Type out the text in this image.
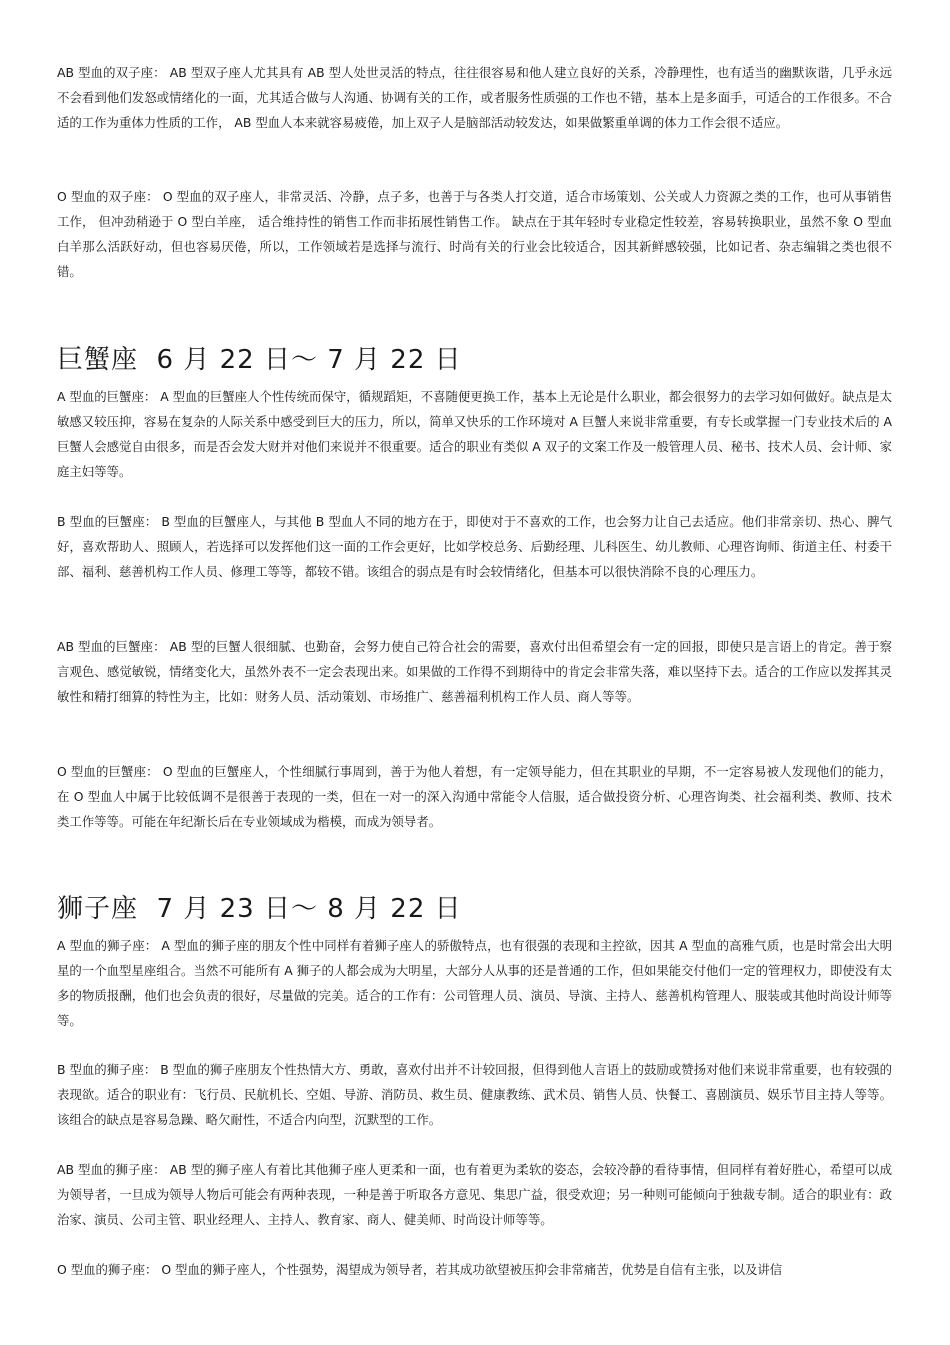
AB 型血的双子座： AB 型双子座人尤其具有 AB 型人处世灵活的特点，往往很容易和他人建立良好的关系，冷静理性，也有适当的幽默诙谐，几乎永远不会看到他们发怒或情绪化的一面，尤其适合做与人沟通、协调有关的工作，或者服务性质强的工作也不错，基本上是多面手，可适合的工作很多。不合适的工作为重体力性质的工作， AB 型血人本来就容易疲倦，加上双子人是脑部活动较发达，如果做繁重单调的体力工作会很不适应。

O 型血的双子座： O 型血的双子座人，非常灵活、冷静，点子多，也善于与各类人打交道，适合市场策划、公关或人力资源之类的工作，也可从事销售工作， 但冲劲稍逊于 O 型白羊座， 适合维持性的销售工作而非拓展性销售工作。 缺点在于其年轻时专业稳定性较差，容易转换职业，虽然不象 O 型血白羊那么活跃好动，但也容易厌倦，所以，工作领域若是选择与流行、时尚有关的行业会比较适合，因其新鲜感较强，比如记者、杂志编辑之类也很不错。

巨蟹座  6 月 22 日～ 7 月 22 日

A 型血的巨蟹座： A 型血的巨蟹座人个性传统而保守，循规蹈矩，不喜随便更换工作，基本上无论是什么职业，都会很努力的去学习如何做好。缺点是太敏感又较压抑，容易在复杂的人际关系中感受到巨大的压力，所以，简单又快乐的工作环境对 A 巨蟹人来说非常重要，有专长或掌握一门专业技术后的 A 巨蟹人会感觉自由很多，而是否会发大财并对他们来说并不很重要。适合的职业有类似 A 双子的文案工作及一般管理人员、秘书、技术人员、会计师、家庭主妇等等。

B 型血的巨蟹座： B 型血的巨蟹座人，与其他 B 型血人不同的地方在于，即使对于不喜欢的工作，也会努力让自己去适应。他们非常亲切、热心、脾气好，喜欢帮助人、照顾人，若选择可以发挥他们这一面的工作会更好，比如学校总务、后勤经理、儿科医生、幼儿教师、心理咨询师、街道主任、村委干部、福利、慈善机构工作人员、修理工等等，都较不错。该组合的弱点是有时会较情绪化，但基本可以很快消除不良的心理压力。

AB 型血的巨蟹座： AB 型的巨蟹人很细腻、也勤奋，会努力使自己符合社会的需要，喜欢付出但希望会有一定的回报，即使只是言语上的肯定。善于察言观色、感觉敏锐，情绪变化大，虽然外表不一定会表现出来。如果做的工作得不到期待中的肯定会非常失落，难以坚持下去。适合的工作应以发挥其灵敏性和精打细算的特性为主，比如：财务人员、活动策划、市场推广、慈善福利机构工作人员、商人等等。

O 型血的巨蟹座： O 型血的巨蟹座人，个性细腻行事周到，善于为他人着想，有一定领导能力，但在其职业的早期，不一定容易被人发现他们的能力，在 O 型血人中属于比较低调不是很善于表现的一类，但在一对一的深入沟通中常能令人信服，适合做投资分析、心理咨询类、社会福利类、教师、技术类工作等等。可能在年纪渐长后在专业领域成为楷模，而成为领导者。

狮子座  7 月 23 日～ 8 月 22 日

A 型血的狮子座： A 型血的狮子座的朋友个性中同样有着狮子座人的骄傲特点，也有很强的表现和主控欲，因其 A 型血的高雅气质，也是时常会出大明星的一个血型星座组合。当然不可能所有 A 狮子的人都会成为大明星，大部分人从事的还是普通的工作，但如果能交付他们一定的管理权力，即使没有太多的物质报酬，他们也会负责的很好，尽量做的完美。适合的工作有：公司管理人员、演员、导演、主持人、慈善机构管理人、服装或其他时尚设计师等等。

B 型血的狮子座： B 型血的狮子座朋友个性热情大方、勇敢，喜欢付出并不计较回报，但得到他人言语上的鼓励或赞扬对他们来说非常重要，也有较强的表现欲。适合的职业有：飞行员、民航机长、空姐、导游、消防员、救生员、健康教练、武术员、销售人员、快餐工、喜剧演员、娱乐节目主持人等等。该组合的缺点是容易急躁、略欠耐性，不适合内向型，沉默型的工作。

AB 型血的狮子座： AB 型的狮子座人有着比其他狮子座人更柔和一面，也有着更为柔软的姿态，会较冷静的看待事情，但同样有着好胜心，希望可以成为领导者，一旦成为领导人物后可能会有两种表现，一种是善于听取各方意见、集思广益，很受欢迎；另一种则可能倾向于独裁专制。适合的职业有：政治家、演员、公司主管、职业经理人、主持人、教育家、商人、健美师、时尚设计师等等。

O 型血的狮子座： O 型血的狮子座人，个性强势，渴望成为领导者，若其成功欲望被压抑会非常痛苦，优势是自信有主张，以及讲信
